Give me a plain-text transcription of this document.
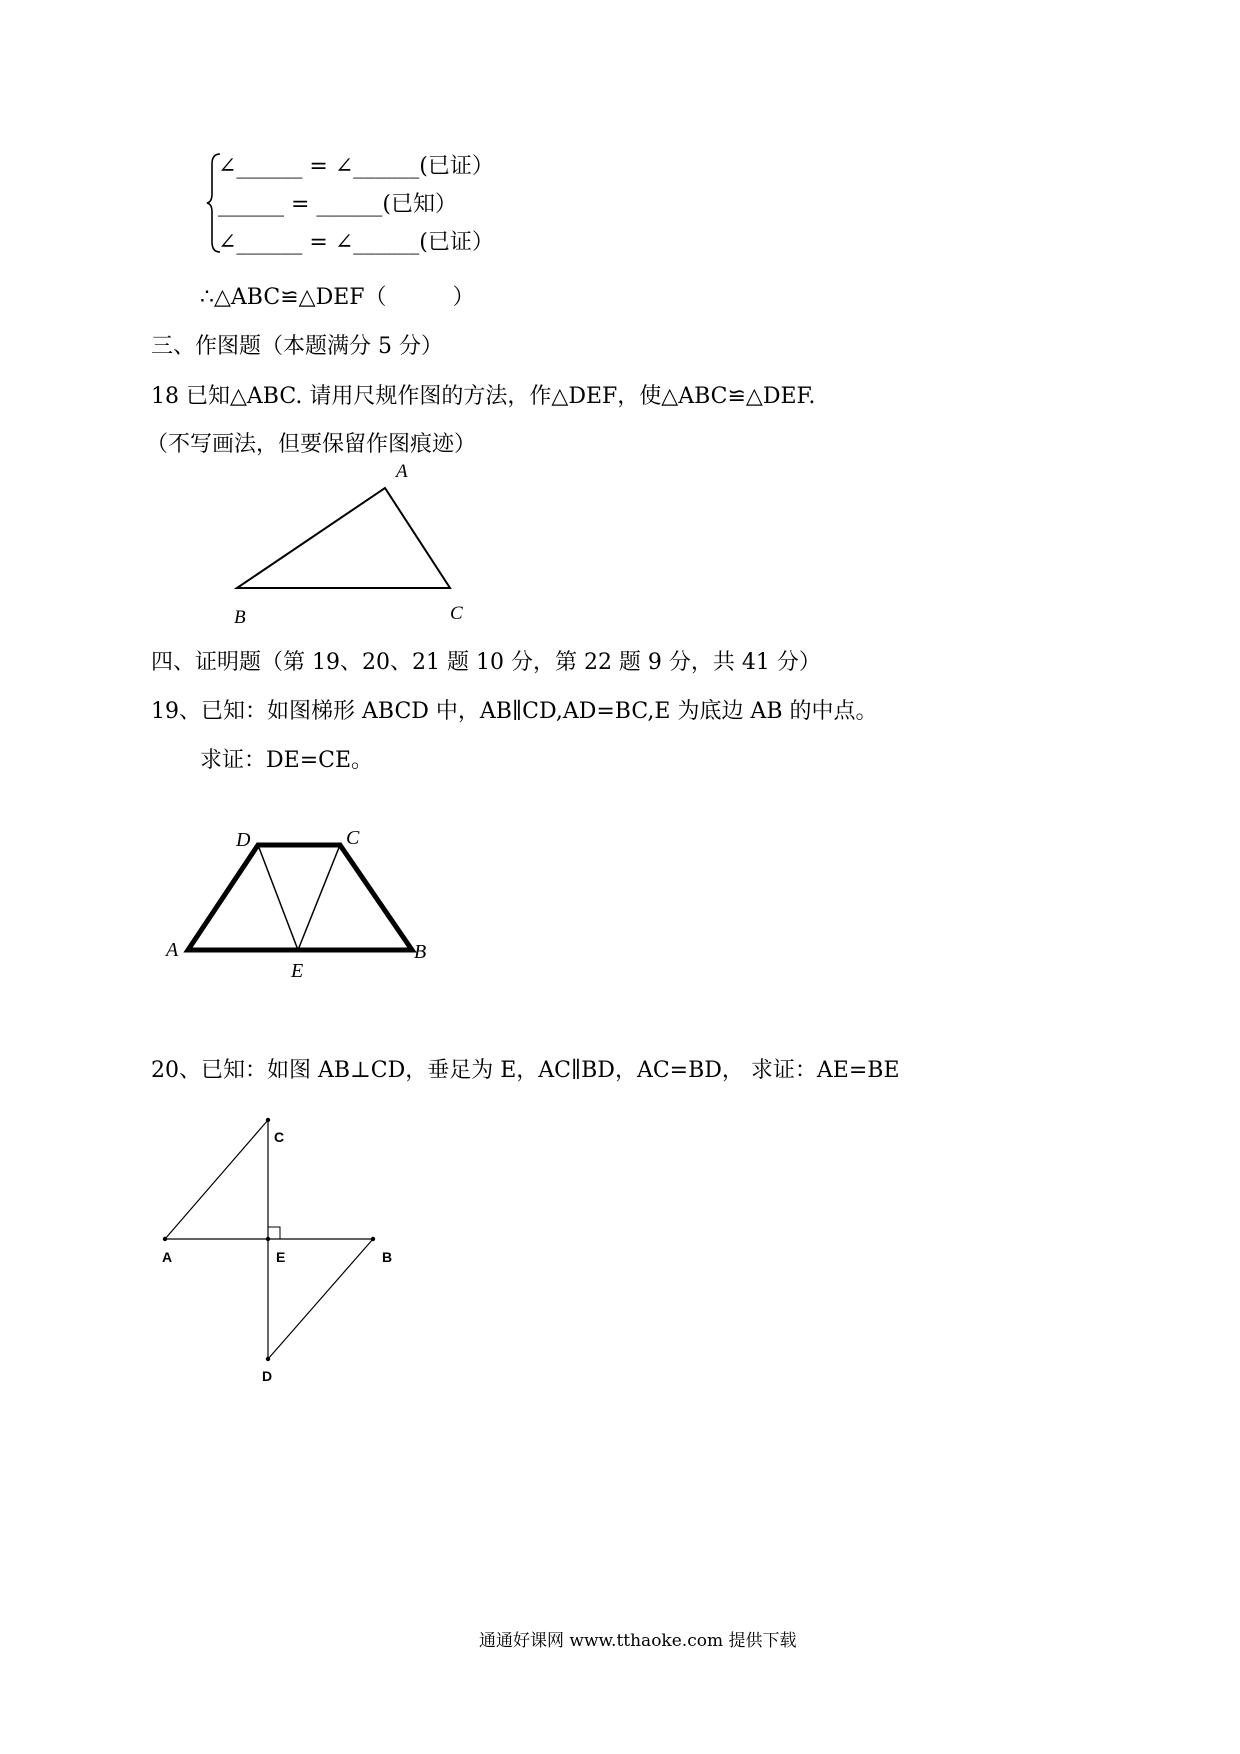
∠______ = ∠______(已证）
______ = ______(已知）
∠______ = ∠______(已证）
∴△ABC≌△DEF（　　　）
三、作图题（本题满分 5 分）
18 已知△ABC. 请用尺规作图的方法，作△DEF，使△ABC≌△DEF.
（不写画法，但要保留作图痕迹）
A
B	C
四、证明题（第 19、20、21 题 10 分，第 22 题 9 分，共 41 分）
19、已知：如图梯形 ABCD 中，AB∥CD,AD=BC,E 为底边 AB 的中点。
求证：DE=CE。
D	C
A	B
E
20、已知：如图 AB⊥CD，垂足为 E，AC∥BD，AC=BD， 求证：AE=BE
C
A	E	B
D
通通好课网 www.tthaoke.com 提供下载
